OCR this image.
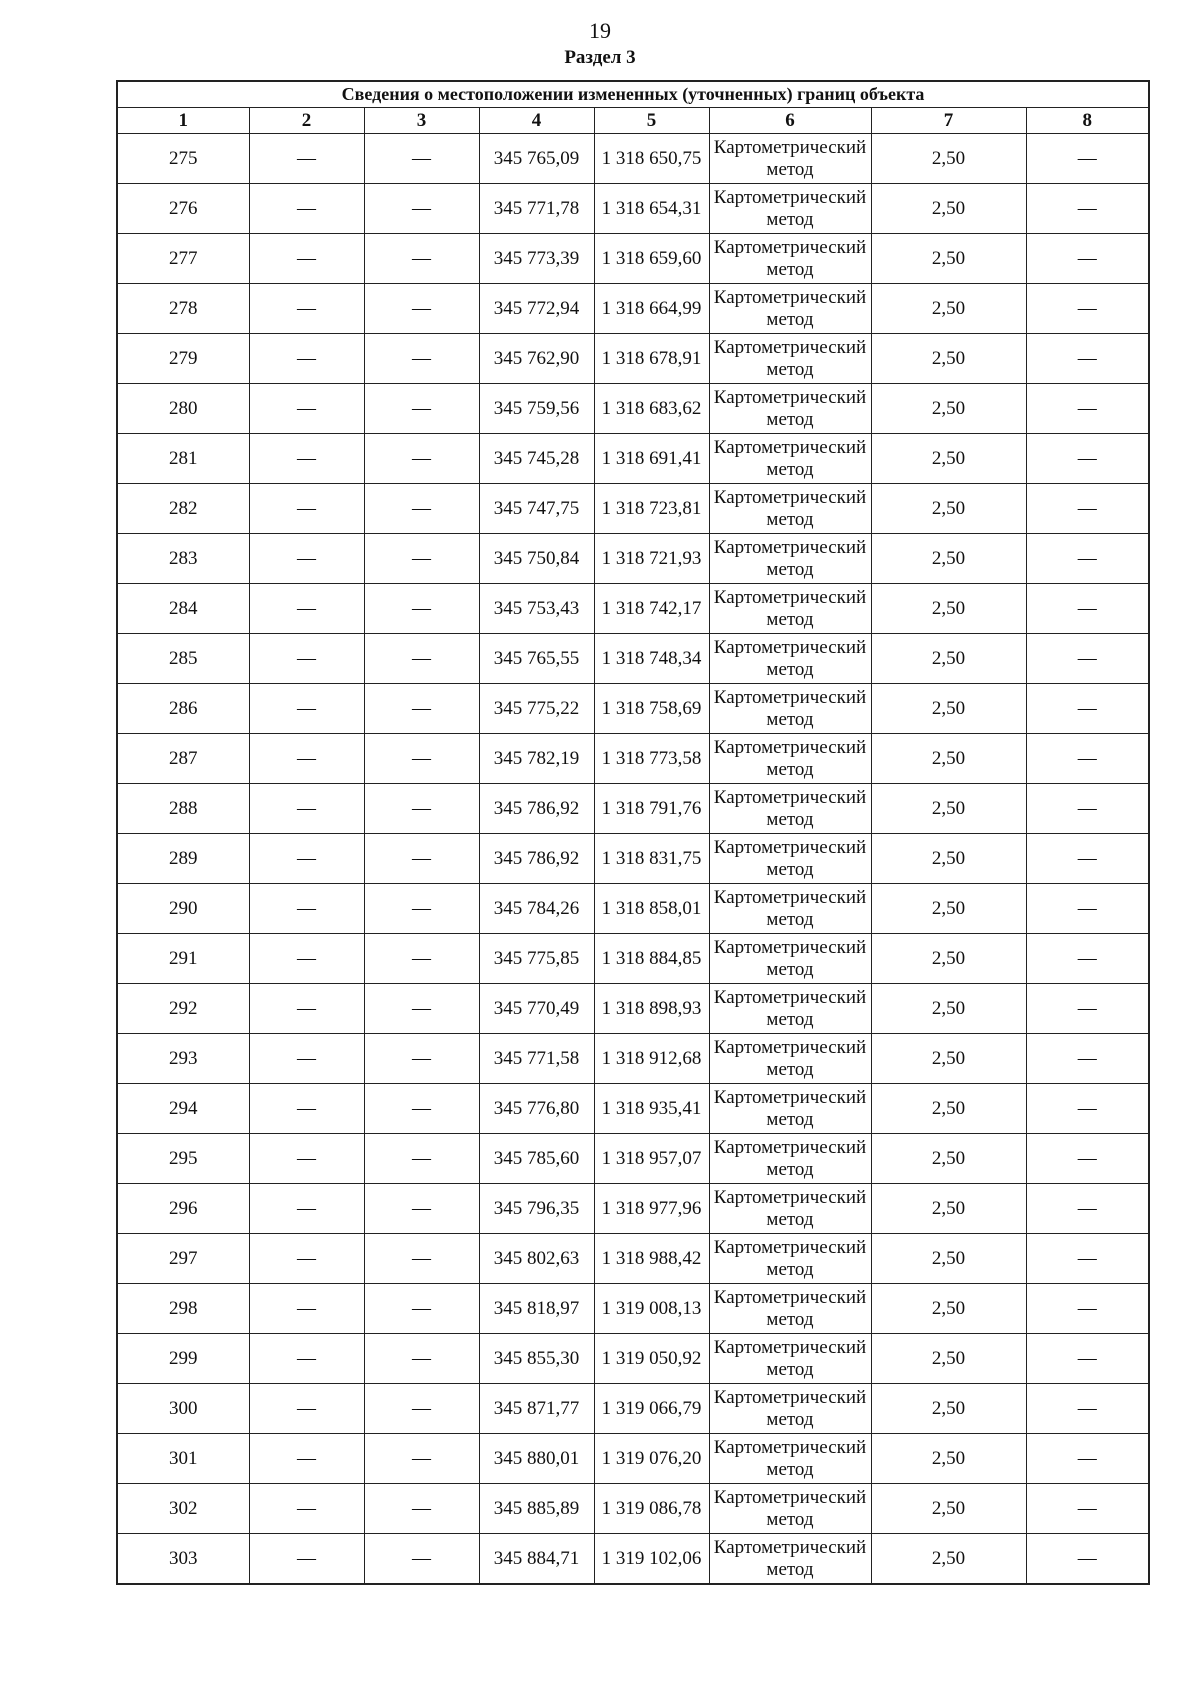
19
Раздел 3
Сведения о местоположении измененных (уточненных) границ объекта							
1	2	3	4	5	6	7	8
275	—	—	345 765,09	1 318 650,75	Картометрический метод	2,50	—
276	—	—	345 771,78	1 318 654,31	Картометрический метод	2,50	—
277	—	—	345 773,39	1 318 659,60	Картометрический метод	2,50	—
278	—	—	345 772,94	1 318 664,99	Картометрический метод	2,50	—
279	—	—	345 762,90	1 318 678,91	Картометрический метод	2,50	—
280	—	—	345 759,56	1 318 683,62	Картометрический метод	2,50	—
281	—	—	345 745,28	1 318 691,41	Картометрический метод	2,50	—
282	—	—	345 747,75	1 318 723,81	Картометрический метод	2,50	—
283	—	—	345 750,84	1 318 721,93	Картометрический метод	2,50	—
284	—	—	345 753,43	1 318 742,17	Картометрический метод	2,50	—
285	—	—	345 765,55	1 318 748,34	Картометрический метод	2,50	—
286	—	—	345 775,22	1 318 758,69	Картометрический метод	2,50	—
287	—	—	345 782,19	1 318 773,58	Картометрический метод	2,50	—
288	—	—	345 786,92	1 318 791,76	Картометрический метод	2,50	—
289	—	—	345 786,92	1 318 831,75	Картометрический метод	2,50	—
290	—	—	345 784,26	1 318 858,01	Картометрический метод	2,50	—
291	—	—	345 775,85	1 318 884,85	Картометрический метод	2,50	—
292	—	—	345 770,49	1 318 898,93	Картометрический метод	2,50	—
293	—	—	345 771,58	1 318 912,68	Картометрический метод	2,50	—
294	—	—	345 776,80	1 318 935,41	Картометрический метод	2,50	—
295	—	—	345 785,60	1 318 957,07	Картометрический метод	2,50	—
296	—	—	345 796,35	1 318 977,96	Картометрический метод	2,50	—
297	—	—	345 802,63	1 318 988,42	Картометрический метод	2,50	—
298	—	—	345 818,97	1 319 008,13	Картометрический метод	2,50	—
299	—	—	345 855,30	1 319 050,92	Картометрический метод	2,50	—
300	—	—	345 871,77	1 319 066,79	Картометрический метод	2,50	—
301	—	—	345 880,01	1 319 076,20	Картометрический метод	2,50	—
302	—	—	345 885,89	1 319 086,78	Картометрический метод	2,50	—
303	—	—	345 884,71	1 319 102,06	Картометрический метод	2,50	—
